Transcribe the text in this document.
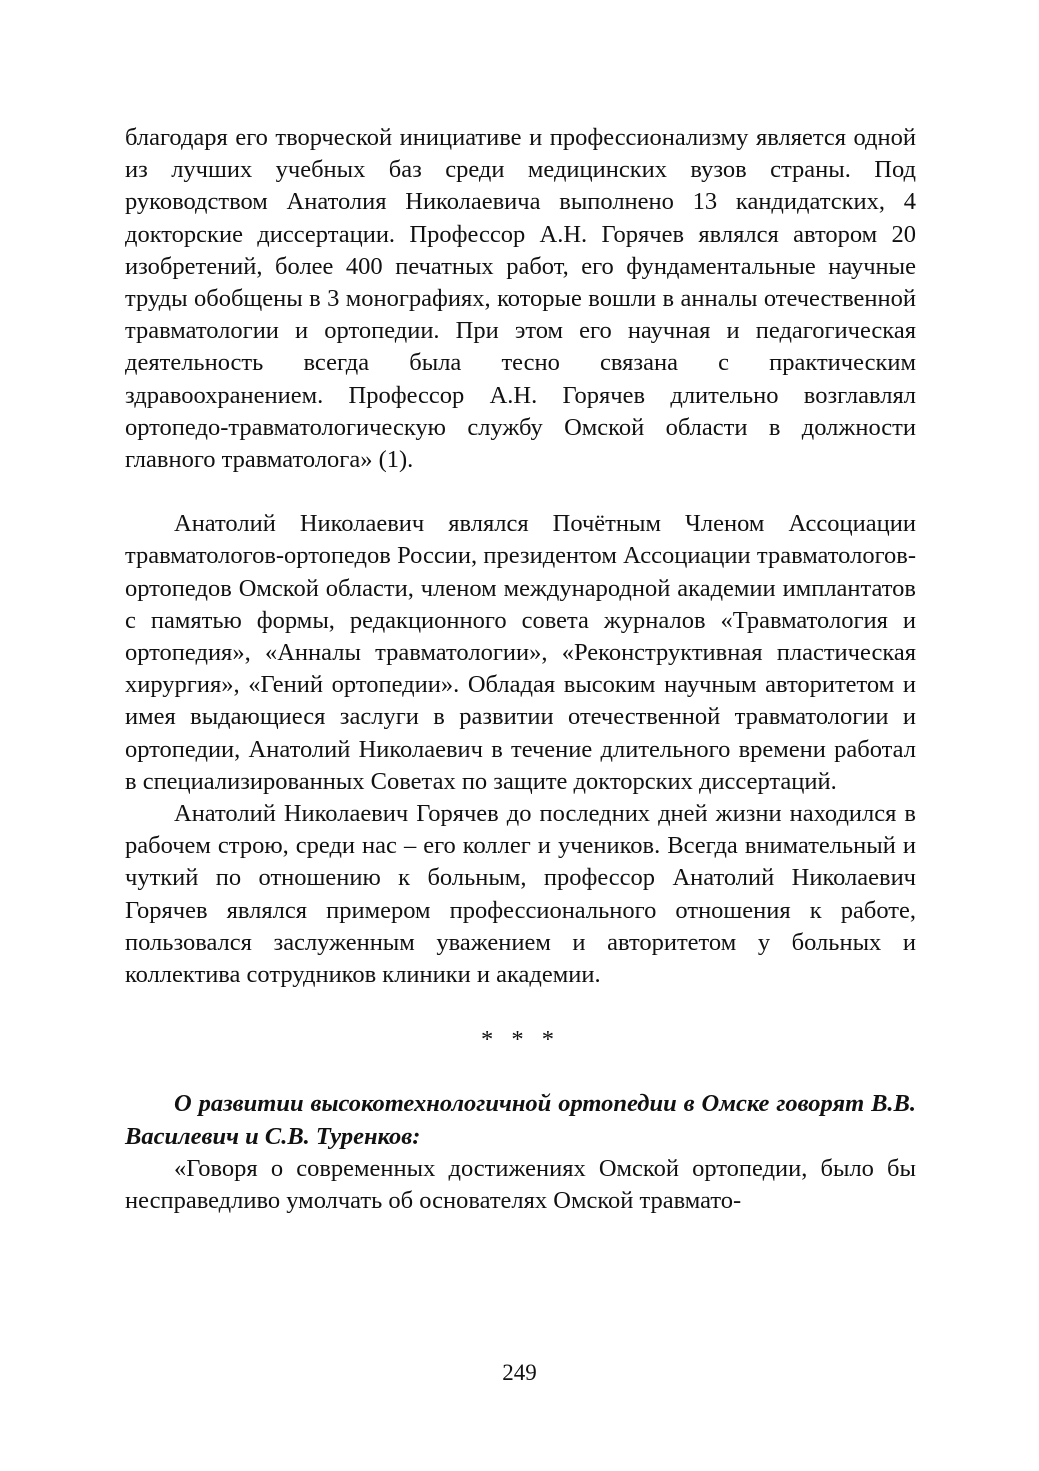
благодаря его творческой инициативе и профессионализму является одной из лучших учебных баз среди медицинских вузов страны. Под руководством Анатолия Николаевича выполнено 13 кандидатских, 4 докторские диссертации. Профессор А.Н. Горячев являлся автором 20 изобретений, более 400 печатных работ, его фундаментальные научные труды обобщены в 3 монографиях, которые вошли в анналы отечественной травматологии и ортопедии. При этом его научная и педагогическая деятельность всегда была тесно связана с практическим здравоохранением. Профессор А.Н. Горячев длительно возглавлял ортопедо-травматологическую службу Омской области в должности главного травматолога» (1).

Анатолий Николаевич являлся Почётным Членом Ассоциации травматологов-ортопедов России, президентом Ассоциации травматологов-ортопедов Омской области, членом международной академии имплантатов с памятью формы, редакционного совета журналов «Травматология и ортопедия», «Анналы травматологии», «Реконструктивная пластическая хирургия», «Гений ортопедии». Обладая высоким научным авторитетом и имея выдающиеся заслуги в развитии отечественной травматологии и ортопедии, Анатолий Николаевич в течение длительного времени работал в специализированных Советах по защите докторских диссертаций.

Анатолий Николаевич Горячев до последних дней жизни находился в рабочем строю, среди нас – его коллег и учеников. Всегда внимательный и чуткий по отношению к больным, профессор Анатолий Николаевич Горячев являлся примером профессионального отношения к работе, пользовался заслуженным уважением и авторитетом у больных и коллектива сотрудников клиники и академии.

* * *

О развитии высокотехнологичной ортопедии в Омске говорят В.В. Василевич и С.В. Туренков:

«Говоря о современных достижениях Омской ортопедии, было бы несправедливо умолчать об основателях Омской травмато-

249
